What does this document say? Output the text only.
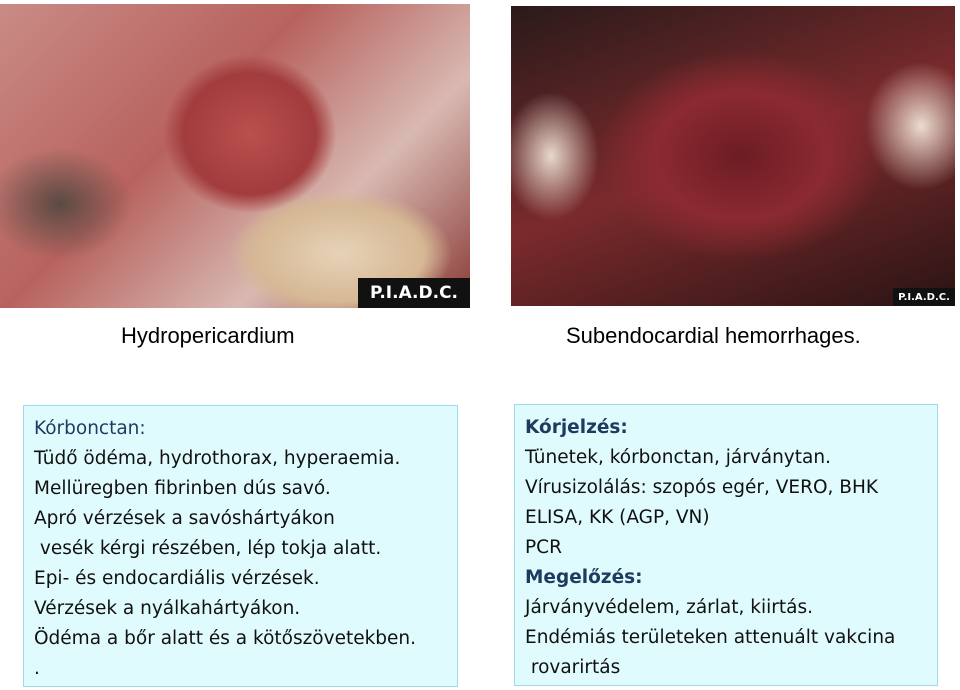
P.I.A.D.C.	P.I.A.D.C.
Hydropericardium	Subendocardial hemorrhages.
Kórbonctan:
Tüdő ödéma, hydrothorax, hyperaemia.
Mellüregben fibrinben dús savó.
Apró vérzések a savóshártyákon
vesék kérgi részében, lép tokja alatt.
Epi- és endocardiális vérzések.
Vérzések a nyálkahártyákon.
Ödéma a bőr alatt és a kötőszövetekben.
.
Kórjelzés:
Tünetek, kórbonctan, járványtan.
Vírusizolálás: szopós egér, VERO, BHK
ELISA, KK (AGP, VN)
PCR
Megelőzés:
Járványvédelem, zárlat, kiirtás.
Endémiás területeken attenuált vakcina
rovarirtás
